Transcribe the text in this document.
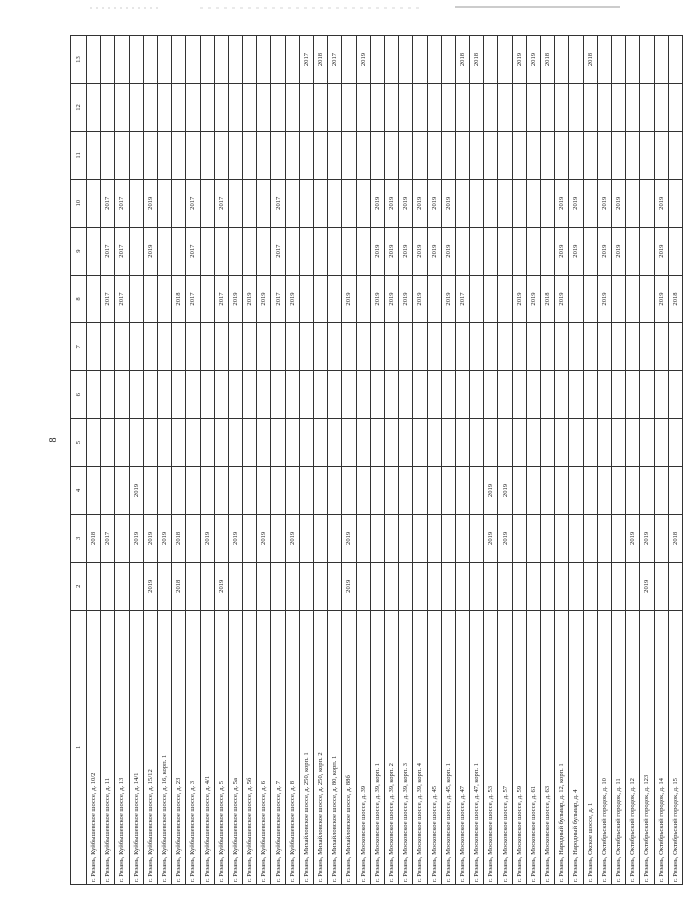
8
1	2	3	4	5	6	7	8	9	10	11	12	13
г. Рязань, Куйбышевское шоссе, д. 10/2		2018										
г. Рязань, Куйбышевское шоссе, д. 11		2017					2017	2017	2017			
г. Рязань, Куйбышевское шоссе, д. 13							2017	2017	2017			
г. Рязань, Куйбышевское шоссе, д. 14/1		2019	2019									
г. Рязань, Куйбышевское шоссе, д. 15/12	2019	2019						2019	2019			
г. Рязань, Куйбышевское шоссе, д. 16, корп. 1		2019										
г. Рязань, Куйбышевское шоссе, д. 23	2018	2018					2018					
г. Рязань, Куйбышевское шоссе, д. 3							2017	2017	2017			
г. Рязань, Куйбышевское шоссе, д. 4/1		2019										
г. Рязань, Куйбышевское шоссе, д. 5	2019						2017		2017			
г. Рязань, Куйбышевское шоссе, д. 5а		2019					2019					
г. Рязань, Куйбышевское шоссе, д. 5б							2019					
г. Рязань, Куйбышевское шоссе, д. 6		2019					2019					
г. Рязань, Куйбышевское шоссе, д. 7							2017	2017	2017			
г. Рязань, Куйбышевское шоссе, д. 8		2019					2019					
г. Рязань, Михайловское шоссе, д. 250, корп. 1												2017
г. Рязань, Михайловское шоссе, д. 250, корп. 2												2018
г. Рязань, Михайловское шоссе, д. 80, корп. 1												2017
г. Рязань, Михайловское шоссе, д. 88б	2019	2019					2019					
г. Рязань, Московское шоссе, д. 39												2019
г. Рязань, Московское шоссе, д. 39, корп. 1							2019	2019	2019			
г. Рязань, Московское шоссе, д. 39, корп. 2							2019	2019	2019			
г. Рязань, Московское шоссе, д. 39, корп. 3							2019	2019	2019			
г. Рязань, Московское шоссе, д. 39, корп. 4							2019	2019	2019			
г. Рязань, Московское шоссе, д. 45								2019	2019			
г. Рязань, Московское шоссе, д. 45, корп. 1							2019	2019	2019			
г. Рязань, Московское шоссе, д. 47							2017					2018
г. Рязань, Московское шоссе, д. 47, корп. 1												2018
г. Рязань, Московское шоссе, д. 53		2019	2019									
г. Рязань, Московское шоссе, д. 57		2019	2019									
г. Рязань, Московское шоссе, д. 59							2019					2019
г. Рязань, Московское шоссе, д. 61							2019					2019
г. Рязань, Московское шоссе, д. 63							2018					2018
г. Рязань, Народный бульвар, д. 12, корп. 1							2019	2019	2019			
г. Рязань, Народный бульвар, д. 4								2019	2019			
г. Рязань, Окское шоссе, д. 1												2018
г. Рязань, Октябрьский городок, д. 10							2019	2019	2019			
г. Рязань, Октябрьский городок, д. 11								2019	2019			
г. Рязань, Октябрьский городок, д. 12		2019										
г. Рязань, Октябрьский городок, д. 123	2019	2019										
г. Рязань, Октябрьский городок, д. 14							2019	2019	2019			
г. Рязань, Октябрьский городок, д. 15		2018					2018					
